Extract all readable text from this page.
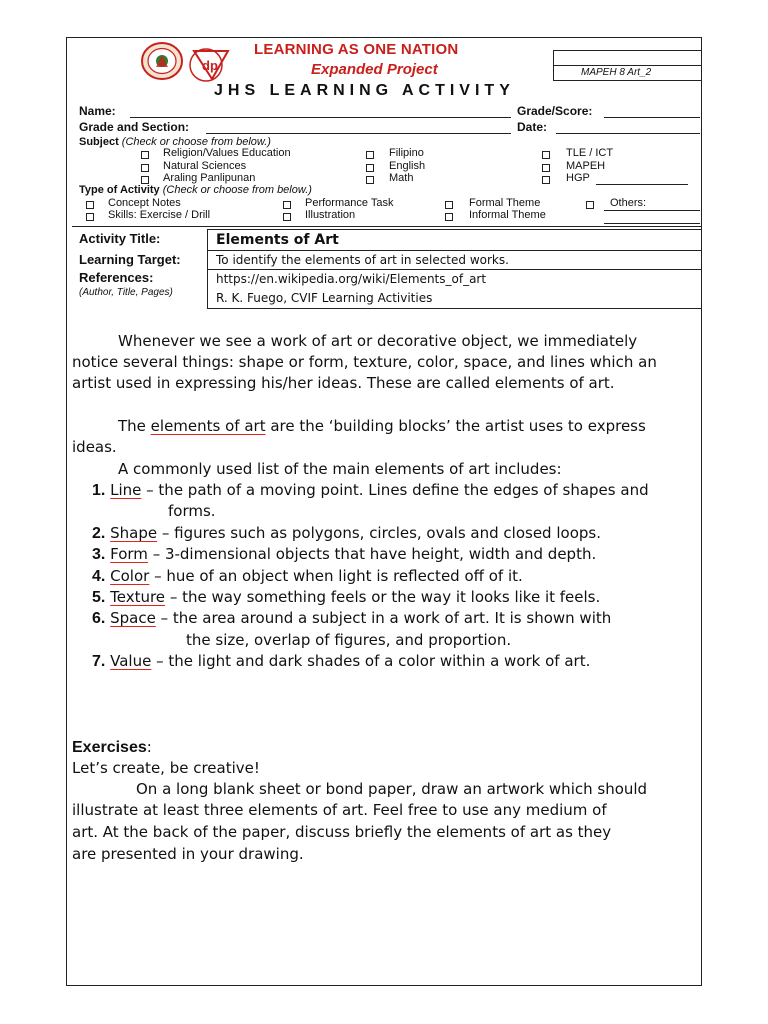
dp
LEARNING AS ONE NATION
Expanded Project
JHS LEARNING ACTIVITY
MAPEH 8 Art_2
Name:	Grade/Score:
Grade and Section:	Date:
Subject (Check or choose from below.)
Religion/Values Education
Natural Sciences
Araling Panlipunan
Filipino
English
Math
TLE / ICT
MAPEH
HGP
Type of Activity (Check or choose from below.)
Concept Notes	Performance Task	Formal Theme	Others:
Skills: Exercise / Drill	Illustration	Informal Theme
Activity Title:	Elements of Art
Learning Target:	To identify the elements of art in selected works.
References:
(Author, Title, Pages)
https://en.wikipedia.org/wiki/Elements_of_art
R. K. Fuego, CVIF Learning Activities
Whenever we see a work of art or decorative object, we immediately
notice several things: shape or form, texture, color, space, and lines which an
artist used in expressing his/her ideas. These are called elements of art.
The elements of art are the ‘building blocks’ the artist uses to express
ideas.
A commonly used list of the main elements of art includes:
1. Line – the path of a moving point. Lines define the edges of shapes and
forms.
2. Shape – figures such as polygons, circles, ovals and closed loops.
3. Form – 3-dimensional objects that have height, width and depth.
4. Color – hue of an object when light is reflected off of it.
5. Texture – the way something feels or the way it looks like it feels.
6. Space – the area around a subject in a work of art. It is shown with
the size, overlap of figures, and proportion.
7. Value – the light and dark shades of a color within a work of art.
Exercises:
Let’s create, be creative!
On a long blank sheet or bond paper, draw an artwork which should
illustrate at least three elements of art. Feel free to use any medium of
art. At the back of the paper, discuss briefly the elements of art as they
are presented in your drawing.
